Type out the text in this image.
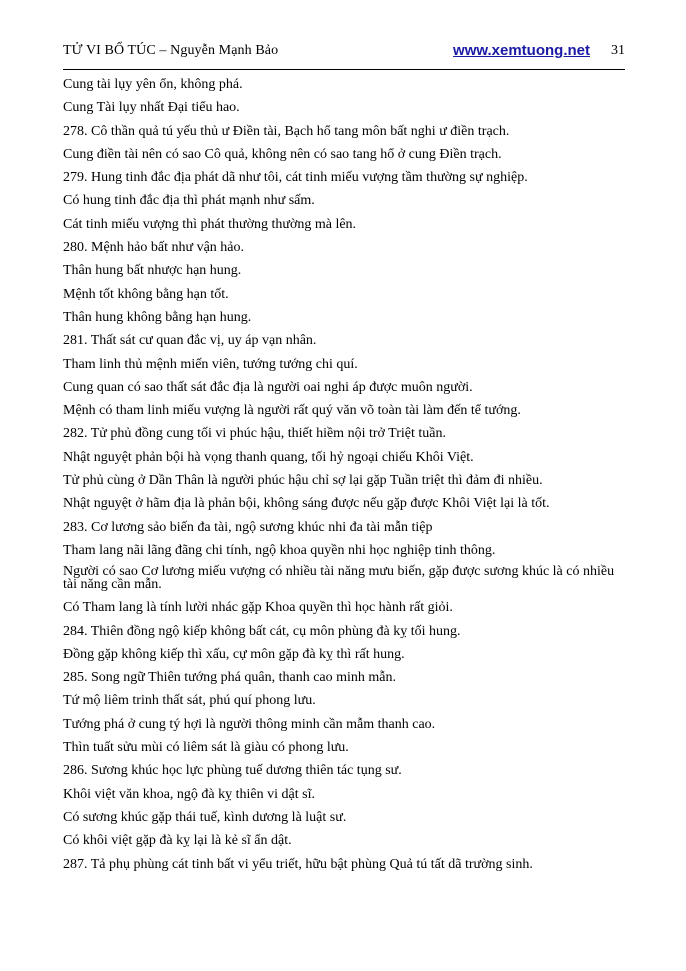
TỬ VI BỔ TÚC – Nguyễn Mạnh Bảo	www.xemtuong.net 31
Cung tài lụy yên ổn, không phá.
Cung Tài lụy nhất Đại tiểu hao.
278. Cô thần quả tú yếu thủ ư Điền tài, Bạch hổ tang môn bất nghi ư điền trạch.
Cung điền tài nên có sao Cô quả, không nên có sao tang hổ ở cung Điền trạch.
279. Hung tinh đắc địa phát dã như tôi, cát tinh miếu vượng tầm thường sự nghiệp.
Có hung tinh đắc địa thì phát mạnh như sấm.
Cát tinh miếu vượng thì phát thường thường mà lên.
280. Mệnh hảo bất như vận hảo.
Thân hung bất nhược hạn hung.
Mệnh tốt không bằng hạn tốt.
Thân hung không bằng hạn hung.
281. Thất sát cư quan đắc vị, uy áp vạn nhân.
Tham linh thủ mệnh miến viên, tướng tướng chi quí.
Cung quan có sao thất sát đắc địa là người oai nghi áp được muôn người.
Mệnh có tham linh miếu vượng là người rất quý văn võ toàn tài làm đến tể tướng.
282. Tử phủ đồng cung tối vi phúc hậu, thiết hiềm nội trở Triệt tuần.
Nhật nguyệt phản bội hà vọng thanh quang, tối hỷ ngoại chiếu Khôi Việt.
Tử phủ cùng ở Dần Thân là người phúc hậu chỉ sợ lại gặp Tuần triệt thì đảm đi nhiều.
Nhật nguyệt ở hãm địa là phản bội, không sáng được nếu gặp được Khôi Việt lại là tốt.
283. Cơ lương sảo biến đa tài, ngộ sương khúc nhi đa tài mẫn tiệp
Tham lang nãi lãng đãng chi tính, ngộ khoa quyền nhi học nghiệp tinh thông.
Người có sao Cơ lương miếu vượng có nhiều tài năng mưu biến, gặp được sương khúc là có nhiều tài năng cần mẫn.
Có Tham lang là tính lười nhác gặp Khoa quyền thì học hành rất giỏi.
284. Thiên đồng ngộ kiếp không bất cát, cụ môn phùng đà kỵ tối hung.
Đồng gặp không kiếp thì xấu, cự môn gặp đà kỵ thì rất hung.
285. Song ngữ Thiên tướng phá quân, thanh cao minh mẫn.
Tứ mộ liêm trinh thất sát, phú quí phong lưu.
Tướng phá ở cung tý hợi là người thông minh cần mẫm thanh cao.
Thìn tuất sửu mùi có liêm sát là giàu có phong lưu.
286. Sương khúc học lực phùng tuế dương thiên tác tụng sư.
Khôi việt văn khoa, ngộ đà kỵ thiên vi dật sĩ.
Có sương khúc gặp thái tuế, kình dương là luật sư.
Có khôi việt gặp đà kỵ lại là kẻ sĩ ẩn dật.
287. Tả phụ phùng cát tinh bất vi yểu triết, hữu bật phùng Quả tú tất dã trường sinh.
